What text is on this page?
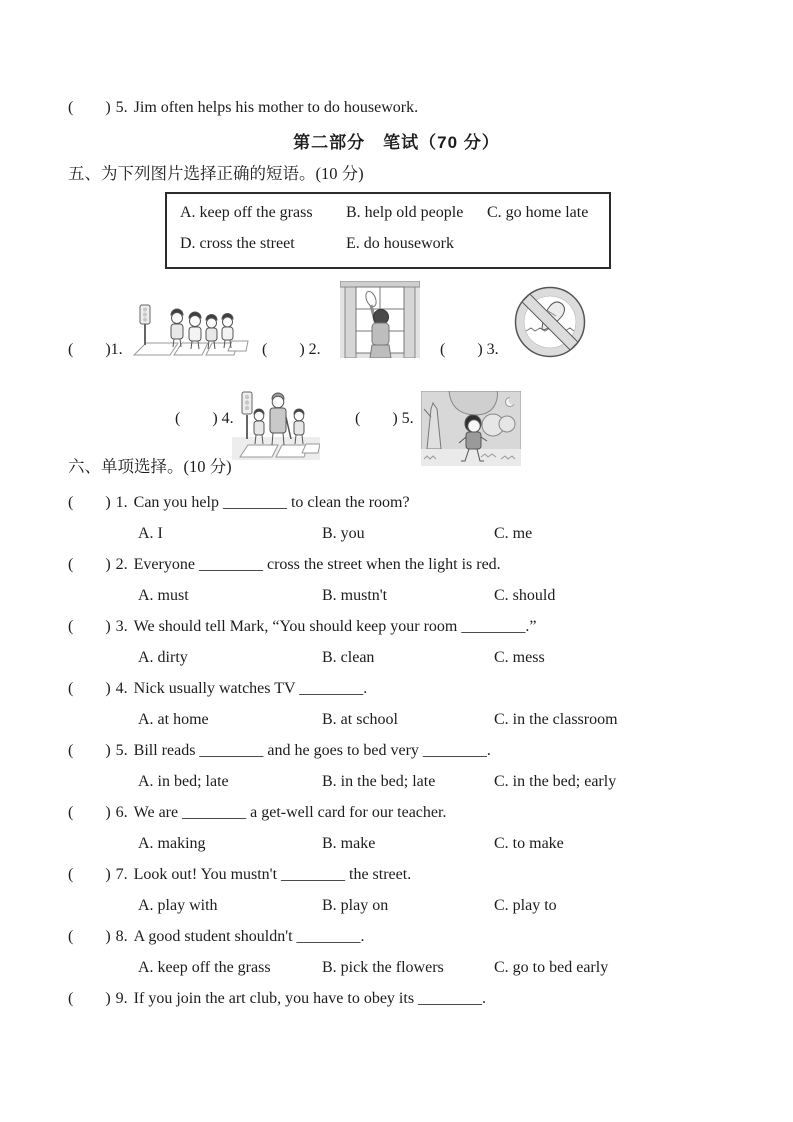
(        ) 5. Jim often helps his mother to do housework.
第二部分　笔试（70 分）
五、为下列图片选择正确的短语。(10 分)
A. keep off the grass	B. help old people	C. go home late
D. cross the street	E. do housework
(        )1.	(        ) 2.	(        ) 3.
(        ) 4.	(        ) 5.
六、单项选择。(10 分)
(        ) 1. Can you help ________ to clean the room?
A. I	B. you	C. me
(        ) 2. Everyone ________ cross the street when the light is red.
A. must	B. mustn't	C. should
(        ) 3. We should tell Mark, “You should keep your room ________.”
A. dirty	B. clean	C. mess
(        ) 4. Nick usually watches TV ________.
A. at home	B. at school	C. in the classroom
(        ) 5. Bill reads ________ and he goes to bed very ________.
A. in bed; late	B. in the bed; late	C. in the bed; early
(        ) 6. We are ________ a get-well card for our teacher.
A. making	B. make	C. to make
(        ) 7. Look out! You mustn't ________ the street.
A. play with	B. play on	C. play to
(        ) 8. A good student shouldn't ________.
A. keep off the grass	B. pick the flowers	C. go to bed early
(        ) 9. If you join the art club, you have to obey its ________.
